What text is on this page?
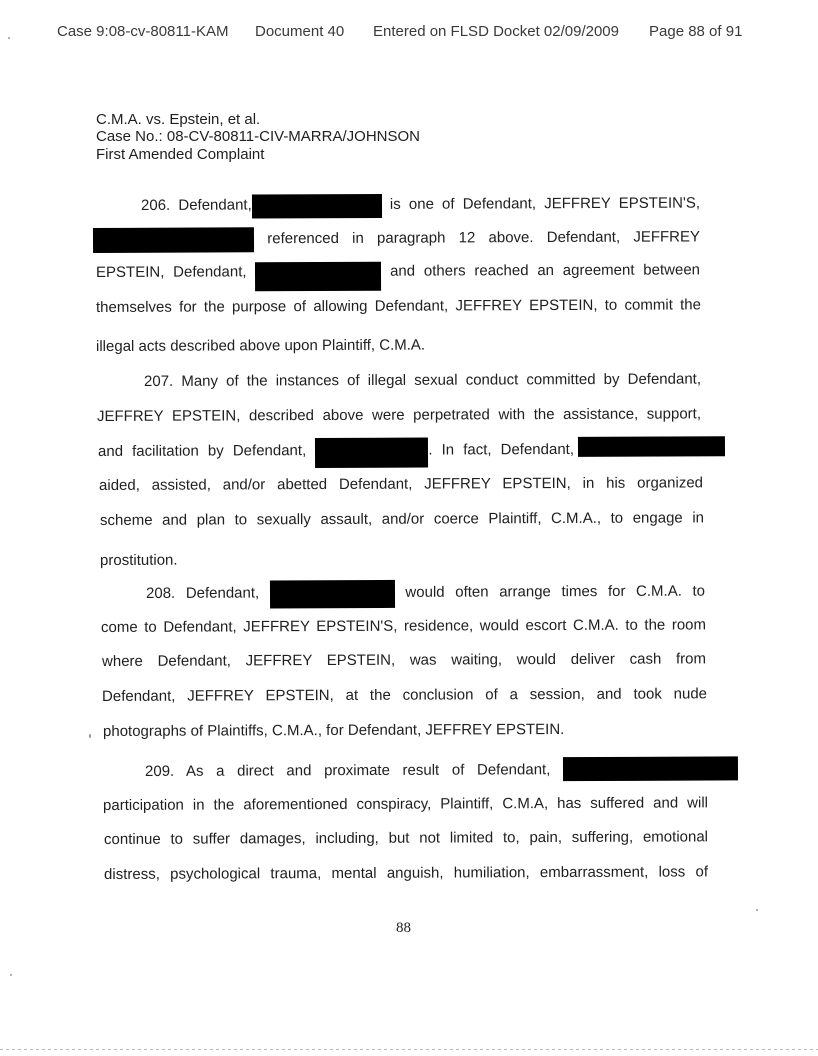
Case 9:08-cv-80811-KAM Document 40 Entered on FLSD Docket 02/09/2009 Page 88 of 91
C.M.A. vs. Epstein, et al.
Case No.: 08-CV-80811-CIV-MARRA/JOHNSON
First Amended Complaint
206. Defendant,	is one of Defendant, JEFFREY EPSTEIN'S,
referenced in paragraph 12 above. Defendant, JEFFREY
EPSTEIN, Defendant,	and others reached an agreement between
themselves for the purpose of allowing Defendant, JEFFREY EPSTEIN, to commit the
illegal acts described above upon Plaintiff, C.M.A.
207. Many of the instances of illegal sexual conduct committed by Defendant,
JEFFREY EPSTEIN, described above were perpetrated with the assistance, support,
and facilitation by Defendant,	. In fact, Defendant,
aided, assisted, and/or abetted Defendant, JEFFREY EPSTEIN, in his organized
scheme and plan to sexually assault, and/or coerce Plaintiff, C.M.A., to engage in
prostitution.
208. Defendant,	would often arrange times for C.M.A. to
come to Defendant, JEFFREY EPSTEIN'S, residence, would escort C.M.A. to the room
where Defendant, JEFFREY EPSTEIN, was waiting, would deliver cash from
Defendant, JEFFREY EPSTEIN, at the conclusion of a session, and took nude
photographs of Plaintiffs, C.M.A., for Defendant, JEFFREY EPSTEIN.
209. As a direct and proximate result of Defendant,
participation in the aforementioned conspiracy, Plaintiff, C.M.A, has suffered and will
continue to suffer damages, including, but not limited to, pain, suffering, emotional
distress, psychological trauma, mental anguish, humiliation, embarrassment, loss of
88
